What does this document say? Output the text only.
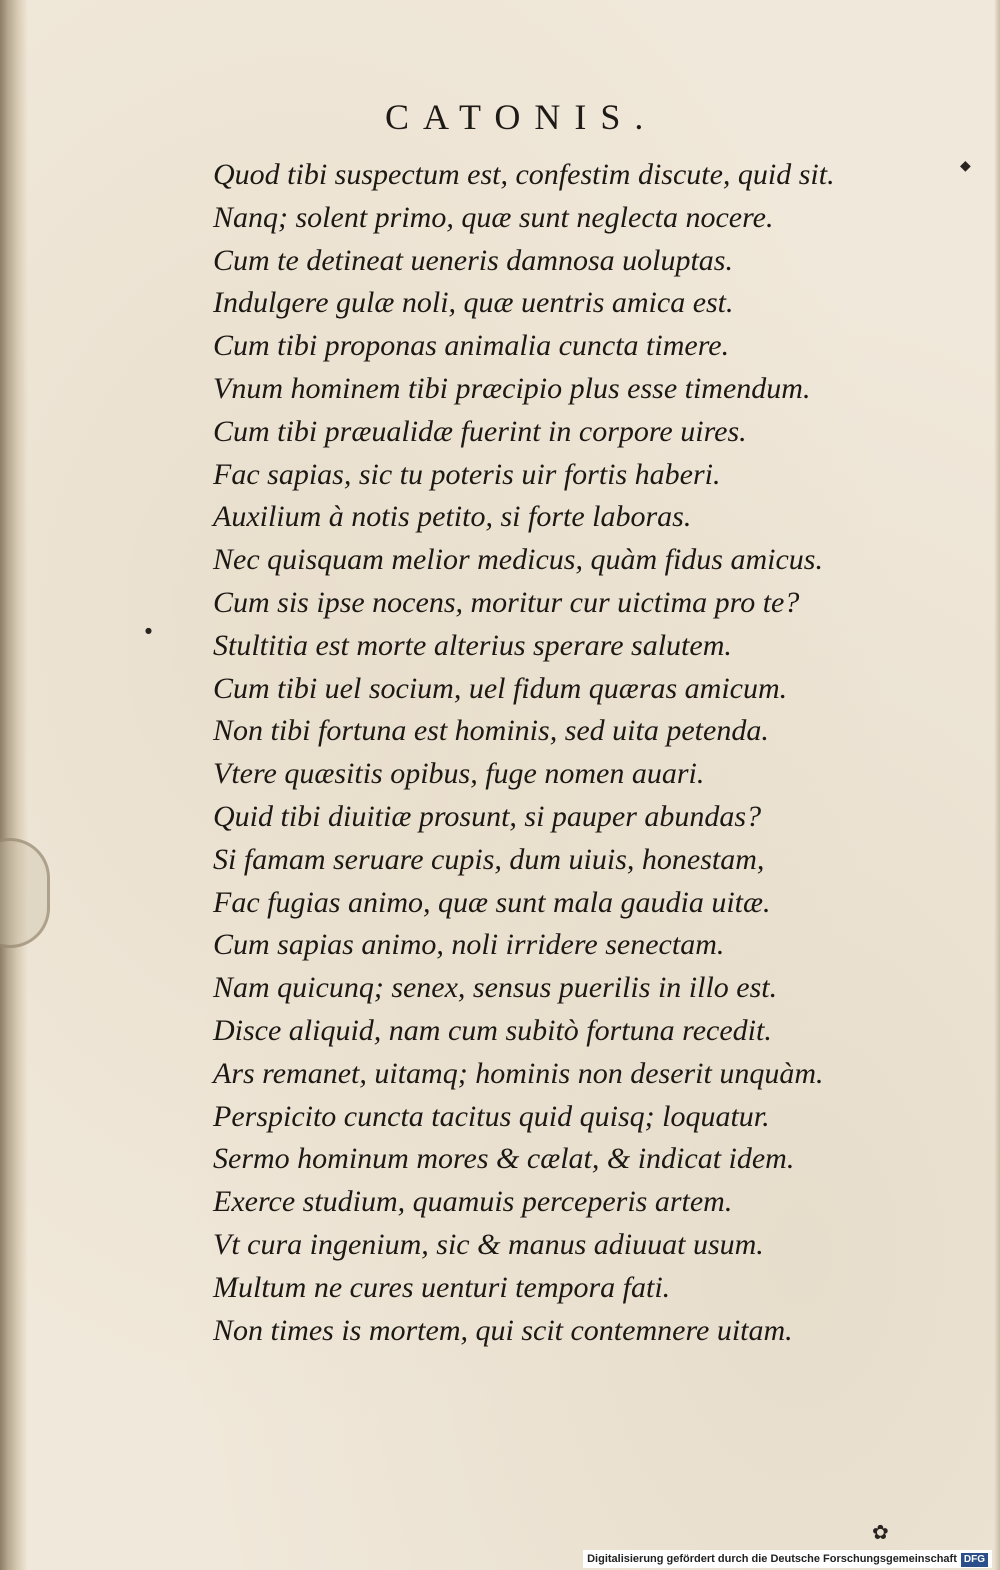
CATONIS.
Quod tibi suspectum est, confestim discute, quid sit.
Nanq; solent primo, quæ sunt neglecta nocere.
Cum te detineat ueneris damnosa uoluptas.
Indulgere gulæ noli, quæ uentris amica est.
Cum tibi proponas animalia cuncta timere.
Vnum hominem tibi præcipio plus esse timendum.
Cum tibi præualidæ fuerint in corpore uires.
Fac sapias, sic tu poteris uir fortis haberi.
Auxilium à notis petito, si forte laboras.
Nec quisquam melior medicus, quàm fidus amicus.
Cum sis ipse nocens, moritur cur uictima pro te?
Stultitia est morte alterius sperare salutem.
Cum tibi uel socium, uel fidum quæras amicum.
Non tibi fortuna est hominis, sed uita petenda.
Vtere quæsitis opibus, fuge nomen auari.
Quid tibi diuitiæ prosunt, si pauper abundas?
Si famam seruare cupis, dum uiuis, honestam,
Fac fugias animo, quæ sunt mala gaudia uitæ.
Cum sapias animo, noli irridere senectam.
Nam quicunq; senex, sensus puerilis in illo est.
Disce aliquid, nam cum subitò fortuna recedit.
Ars remanet, uitamq; hominis non deserit unquàm.
Perspicito cuncta tacitus quid quisq; loquatur.
Sermo hominum mores & cælat, & indicat idem.
Exerce studium, quamuis perceperis artem.
Vt cura ingenium, sic & manus adiuuat usum.
Multum ne cures uenturi tempora fati.
Non times is mortem, qui scit contemnere uitam.
◆
●
✿
Digitalisierung gefördert durch die Deutsche Forschungsgemeinschaft DFG
